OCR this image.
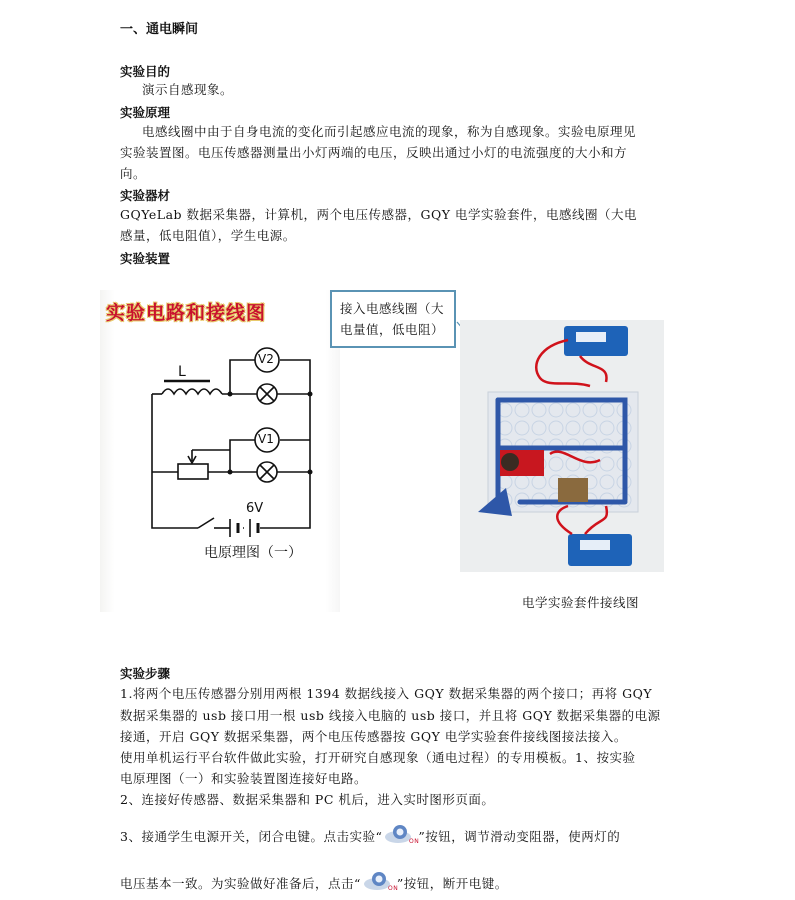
一、通电瞬间
实验目的
演示自感现象。
实验原理
电感线圈中由于自身电流的变化而引起感应电流的现象，称为自感现象。实验电原理见
实验装置图。电压传感器测量出小灯两端的电压，反映出通过小灯的电流强度的大小和方
向。
实验器材
GQYeLab 数据采集器，计算机，两个电压传感器，GQY 电学实验套件，电感线圈（大电
感量，低电阻值），学生电源。
实验装置
实验电路和接线图
L
V2
V1
6V
电原理图（一）
接入电感线圈（大
电量值，低电阻）
电学实验套件接线图
实验步骤
1.将两个电压传感器分别用两根 1394 数据线接入 GQY 数据采集器的两个接口；再将 GQY
数据采集器的 usb 接口用一根 usb 线接入电脑的 usb 接口，并且将 GQY 数据采集器的电源
接通，开启 GQY 数据采集器，两个电压传感器按 GQY 电学实验套件接线图接法接入。
使用单机运行平台软件做此实验，打开研究自感现象（通电过程）的专用模板。1、按实验
电原理图（一）和实验装置图连接好电路。
2、连接好传感器、数据采集器和 PC 机后，进入实时图形页面。
3、接通学生电源开关，闭合电键。点击实验“	ON
”按钮，调节滑动变阻器，使两灯的
电压基本一致。为实验做好准备后，点击“	ON
”按钮，断开电键。
